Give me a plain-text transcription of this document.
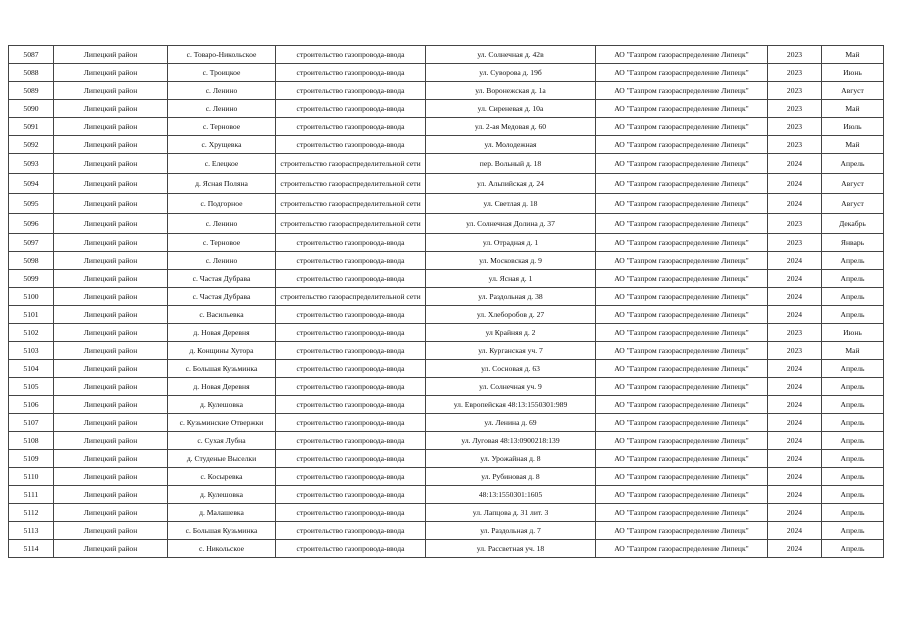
5087	Липецкий район	с. Товаро-Никольское	строительство газопровода-ввода	ул. Солнечная д. 42в	АО "Газпром газораспределение Липецк"	2023	Май
5088	Липецкий район	с. Троицкое	строительство газопровода-ввода	ул. Суворова д. 19б	АО "Газпром газораспределение Липецк"	2023	Июнь
5089	Липецкий район	с. Ленино	строительство газопровода-ввода	ул. Воронежская д. 1а	АО "Газпром газораспределение Липецк"	2023	Август
5090	Липецкий район	с. Ленино	строительство газопровода-ввода	ул. Сиреневая д. 10а	АО "Газпром газораспределение Липецк"	2023	Май
5091	Липецкий район	с. Терновое	строительство газопровода-ввода	ул. 2-ая Медовая д. 60	АО "Газпром газораспределение Липецк"	2023	Июль
5092	Липецкий район	с. Хрущевка	строительство газопровода-ввода	ул. Молодежная	АО "Газпром газораспределение Липецк"	2023	Май
5093	Липецкий район	с. Елецкое	строительство газораспределительной сети	пер. Вольный д. 18	АО "Газпром газораспределение Липецк"	2024	Апрель
5094	Липецкий район	д. Ясная Поляна	строительство газораспределительной сети	ул. Альпийская д. 24	АО "Газпром газораспределение Липецк"	2024	Август
5095	Липецкий район	с. Подгорное	строительство газораспределительной сети	ул. Светлая д. 18	АО "Газпром газораспределение Липецк"	2024	Август
5096	Липецкий район	с. Ленино	строительство газораспределительной сети	ул. Солнечная Долина д. 37	АО "Газпром газораспределение Липецк"	2023	Декабрь
5097	Липецкий район	с. Терновое	строительство газопровода-ввода	ул. Отрадная д. 1	АО "Газпром газораспределение Липецк"	2023	Январь
5098	Липецкий район	с. Ленино	строительство газопровода-ввода	ул. Московская д. 9	АО "Газпром газораспределение Липецк"	2024	Апрель
5099	Липецкий район	с. Частая Дубрава	строительство газопровода-ввода	ул. Ясная д. 1	АО "Газпром газораспределение Липецк"	2024	Апрель
5100	Липецкий район	с. Частая Дубрава	строительство газораспределительной сети	ул. Раздольная д. 38	АО "Газпром газораспределение Липецк"	2024	Апрель
5101	Липецкий район	с. Васильевка	строительство газопровода-ввода	ул. Хлеборобов д. 27	АО "Газпром газораспределение Липецк"	2024	Апрель
5102	Липецкий район	д. Новая Деревня	строительство газопровода-ввода	ул Крайняя д. 2	АО "Газпром газораспределение Липецк"	2023	Июнь
5103	Липецкий район	д. Конщины Хутора	строительство газопровода-ввода	ул. Курганская уч. 7	АО "Газпром газораспределение Липецк"	2023	Май
5104	Липецкий район	с. Большая Кузьминка	строительство газопровода-ввода	ул. Сосновая д. 63	АО "Газпром газораспределение Липецк"	2024	Апрель
5105	Липецкий район	д. Новая Деревня	строительство газопровода-ввода	ул. Солнечная уч. 9	АО "Газпром газораспределение Липецк"	2024	Апрель
5106	Липецкий район	д. Кулешовка	строительство газопровода-ввода	ул. Европейская 48:13:1550301:989	АО "Газпром газораспределение Липецк"	2024	Апрель
5107	Липецкий район	с. Кузьминские Отвержки	строительство газопровода-ввода	ул. Ленина д. 69	АО "Газпром газораспределение Липецк"	2024	Апрель
5108	Липецкий район	с. Сухая Лубна	строительство газопровода-ввода	ул. Луговая 48:13:0900218:139	АО "Газпром газораспределение Липецк"	2024	Апрель
5109	Липецкий район	д. Студеные Выселки	строительство газопровода-ввода	ул. Урожайная д. 8	АО "Газпром газораспределение Липецк"	2024	Апрель
5110	Липецкий район	с. Косыревка	строительство газопровода-ввода	ул. Рубиновая д. 8	АО "Газпром газораспределение Липецк"	2024	Апрель
5111	Липецкий район	д. Кулешовка	строительство газопровода-ввода	48:13:1550301:1605	АО "Газпром газораспределение Липецк"	2024	Апрель
5112	Липецкий район	д. Малашевка	строительство газопровода-ввода	ул. Лапцова д. 31 лит. 3	АО "Газпром газораспределение Липецк"	2024	Апрель
5113	Липецкий район	с. Большая Кузьминка	строительство газопровода-ввода	ул. Раздольная д. 7	АО "Газпром газораспределение Липецк"	2024	Апрель
5114	Липецкий район	с. Никольское	строительство газопровода-ввода	ул. Рассветная уч. 18	АО "Газпром газораспределение Липецк"	2024	Апрель
